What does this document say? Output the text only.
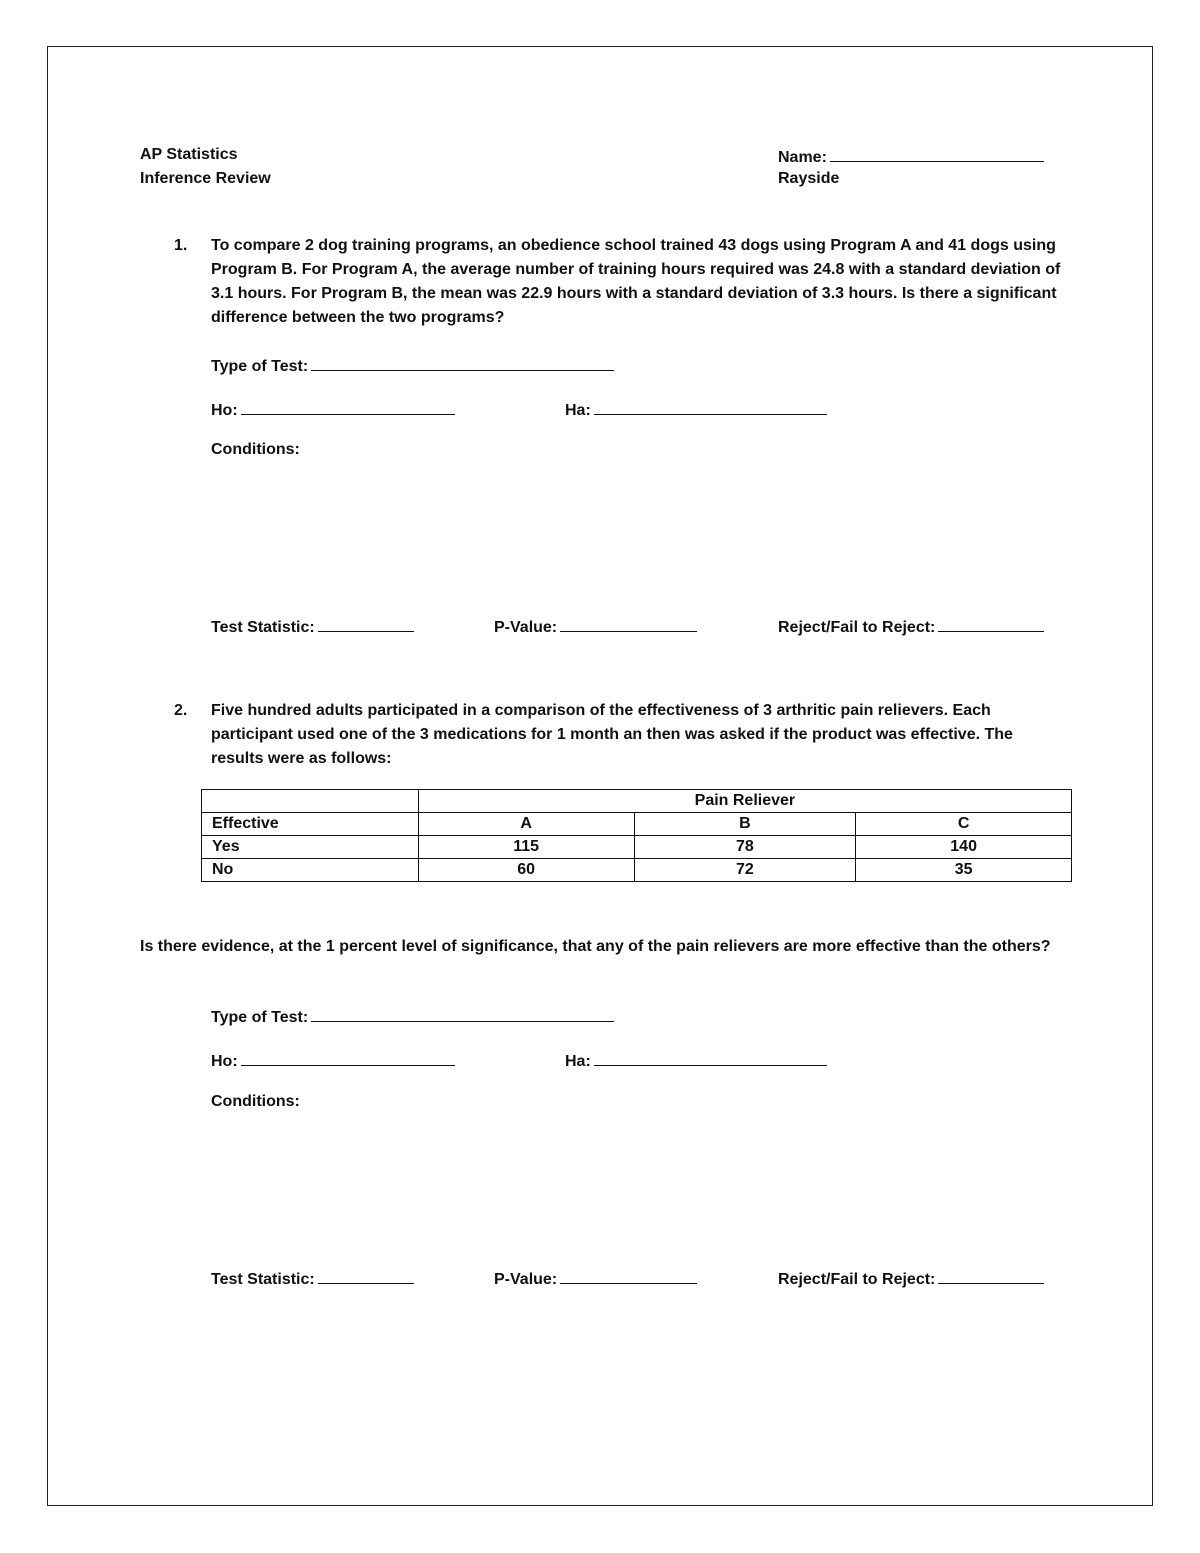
AP Statistics
Inference Review
Name:
Rayside
1. To compare 2 dog training programs, an obedience school trained 43 dogs using Program A and 41 dogs using Program B. For Program A, the average number of training hours required was 24.8 with a standard deviation of 3.1 hours. For Program B, the mean was 22.9 hours with a standard deviation of 3.3 hours. Is there a significant difference between the two programs?
Type of Test:
Ho:	Ha:
Conditions:
Test Statistic:	P-Value:	Reject/Fail to Reject:
2. Five hundred adults participated in a comparison of the effectiveness of 3 arthritic pain relievers. Each participant used one of the 3 medications for 1 month an then was asked if the product was effective. The results were as follows:
	Pain Reliever		
Effective	A	B	C
Yes	115	78	140
No	60	72	35
Is there evidence, at the 1 percent level of significance, that any of the pain relievers are more effective than the others?
Type of Test:
Ho:	Ha:
Conditions:
Test Statistic:	P-Value:	Reject/Fail to Reject:
